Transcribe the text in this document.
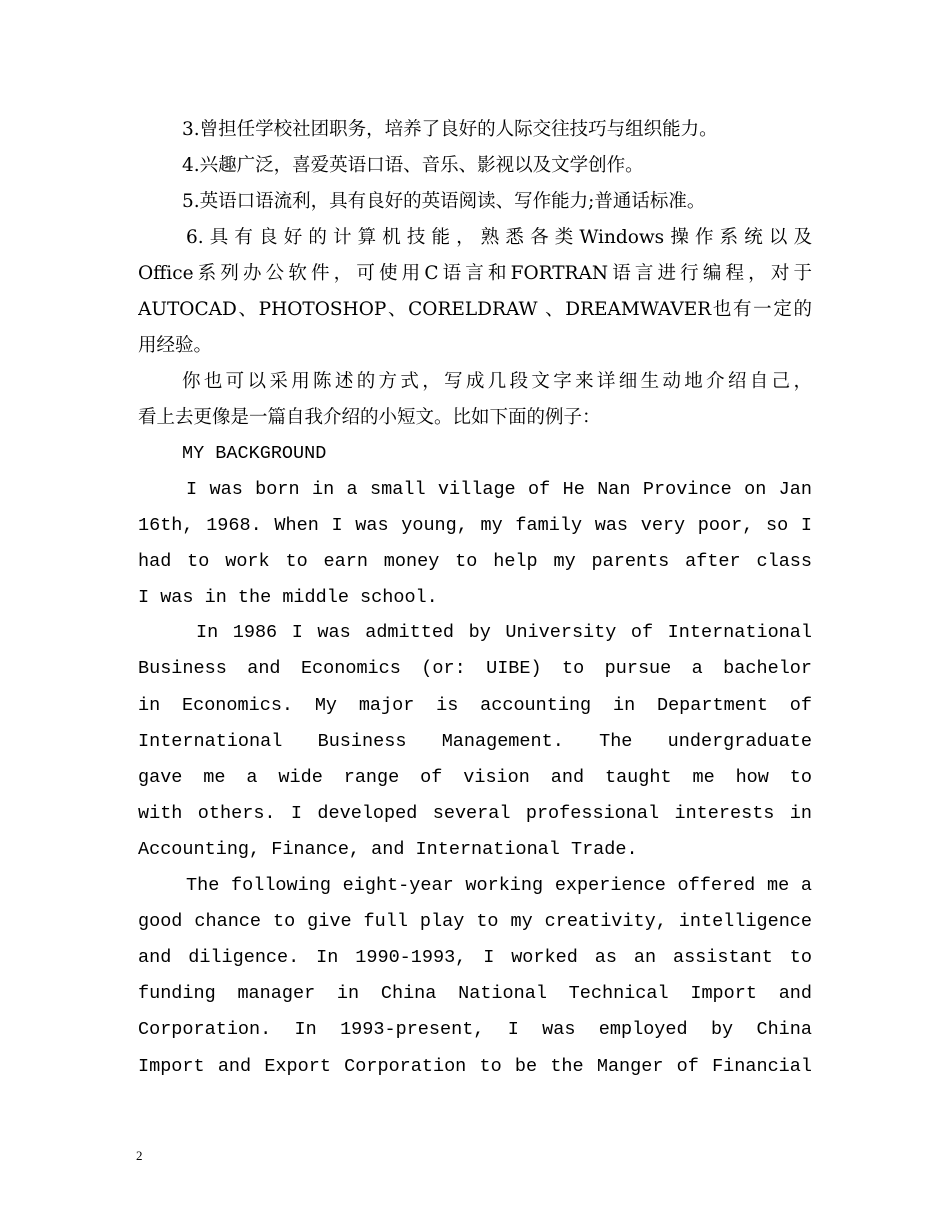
3.曾担任学校社团职务，培养了良好的人际交往技巧与组织能力。
4.兴趣广泛，喜爱英语口语、音乐、影视以及文学创作。
5.英语口语流利，具有良好的英语阅读、写作能力;普通话标准。
6.具有良好的计算机技能，熟悉各类Windows操作系统以及
Office系列办公软件，可使用C语言和FORTRAN语言进行编程，对于
AUTOCAD、PHOTOSHOP、CORELDRAW 、DREAMWAVER也有一定的
用经验。
你也可以采用陈述的方式，写成几段文字来详细生动地介绍自己，
看上去更像是一篇自我介绍的小短文。比如下面的例子：
MY BACKGROUND
I was born in a small village of He Nan Province on Jan
16th, 1968. When I was young, my family was very poor, so I
had to work to earn money to help my parents after class
I was in the middle school.
In 1986 I was admitted by University of International
Business and Economics (or: UIBE) to pursue a bachelor
in Economics. My major is accounting in Department of
International Business Management. The undergraduate
gave me a wide range of vision and taught me how to
with others. I developed several professional interests in
Accounting, Finance, and International Trade.
The following eight-year working experience offered me a
good chance to give full play to my creativity, intelligence
and diligence. In 1990-1993, I worked as an assistant to
funding manager in China National Technical Import and
Corporation. In 1993-present, I was employed by China
Import and Export Corporation to be the Manger of Financial
2
